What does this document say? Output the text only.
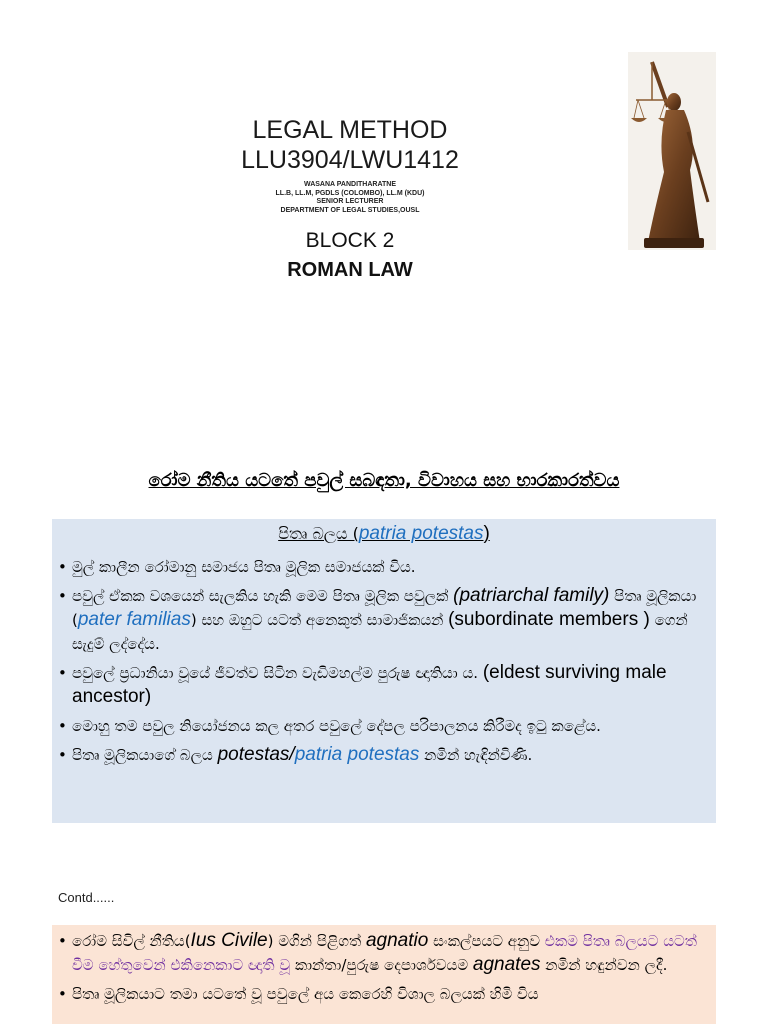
LEGAL METHOD
LLU3904/LWU1412
WASANA PANDITHARATNE
LL.B, LL.M, PGDLS (COLOMBO), LL.M (KDU)
SENIOR LECTURER
DEPARTMENT OF LEGAL STUDIES,OUSL
BLOCK 2
ROMAN LAW
රෝම නීතිය යටතේ පවුල් සබඳතා, විවාහය සහ භාරකාරත්වය
පිතෘ බලය (patria potestas)
• මුල් කාලීන රෝමානු සමාජය පිතෘ මූලික සමාජයක් විය.
• පවුල් ඒකක වශයෙන් සැලකිය හැකි මෙම පිතෘ මූලික පවුලක් (patriarchal family) පිතෘ මූලිකයා (pater familias) සහ ඔහුට යටත් අනෙකුත් සාමාජිකයන් (subordinate members ) ගෙන් සැදුම් ලද්දේය.
• පවුලේ ප්‍රධානියා වූයේ ජීවත්ව සිටින වැඩිමහල්ම පුරුෂ ඥාතියා ය. (eldest surviving male ancestor)
• මොහු තම පවුල නියෝජනය කල අතර පවුලේ දේපල පරිපාලනය කිරීමද ඉටු කළේය.
• පිතෘ මූලිකයාගේ බලය potestas/patria potestas නමින් හැඳින්විණි.
Contd......
• රෝම සිවිල් නීතිය(Ius Civile) මගින් පිළිගත් agnatio සංකල්පයට අනුව එකම පිතෘ බලයට යටත් වීම හේතුවෙන් එකිනෙකාට ඥාති වූ කාන්තා/පුරුෂ දෙපාර්ශවයම agnates නමින් හඳුන්වන ලදී.
• පිතෘ මූලිකයාට තමා යටතේ වූ පවුලේ අය කෙරෙහි විශාල බලයක් හිමි විය
